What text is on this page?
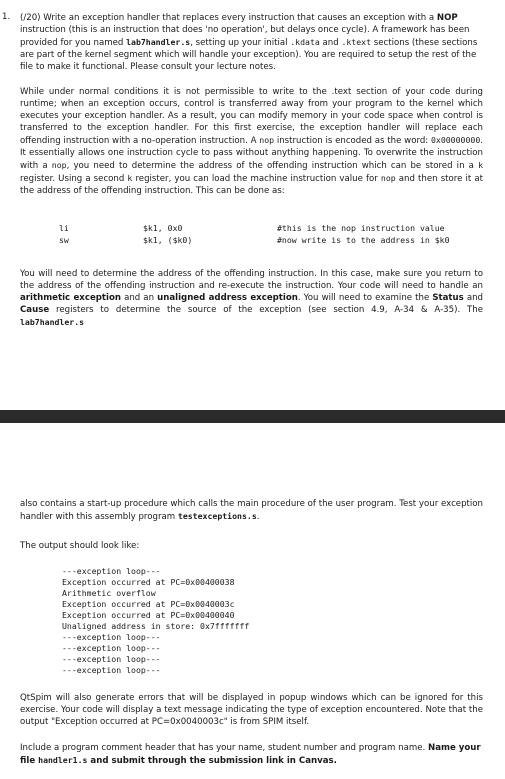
1. (/20) Write an exception handler that replaces every instruction that causes an exception with a NOP instruction (this is an instruction that does 'no operation', but delays once cycle). A framework has been provided for you named lab7handler.s, setting up your initial .kdata and .ktext sections (these sections are part of the kernel segment which will handle your exception). You are required to setup the rest of the file to make it functional. Please consult your lecture notes.

While under normal conditions it is not permissible to write to the .text section of your code during runtime; when an exception occurs, control is transferred away from your program to the kernel which executes your exception handler. As a result, you can modify memory in your code space when control is transferred to the exception handler. For this first exercise, the exception handler will replace each offending instruction with a no-operation instruction. A nop instruction is encoded as the word: 0x00000000. It essentially allows one instruction cycle to pass without anything happening. To overwrite the instruction with a nop, you need to determine the address of the offending instruction which can be stored in a k register. Using a second k register, you can load the machine instruction value for nop and then store it at the address of the offending instruction. This can be done as:

li	$k1, 0x0	#this is the nop instruction value
sw	$k1, ($k0)	#now write is to the address in $k0

You will need to determine the address of the offending instruction. In this case, make sure you return to the address of the offending instruction and re-execute the instruction. Your code will need to handle an arithmetic exception and an unaligned address exception. You will need to examine the Status and Cause registers to determine the source of the exception (see section 4.9, A-34 & A-35). The lab7handler.s

also contains a start-up procedure which calls the main procedure of the user program. Test your exception handler with this assembly program testexceptions.s.

The output should look like:
---exception loop---
Exception occurred at PC=0x00400038
Arithmetic overflow
Exception occurred at PC=0x0040003c
Exception occurred at PC=0x00400040
Unaligned address in store: 0x7fffffff
---exception loop---
---exception loop---
---exception loop---
---exception loop---
QtSpim will also generate errors that will be displayed in popup windows which can be ignored for this exercise. Your code will display a text message indicating the type of exception encountered. Note that the output "Exception occurred at PC=0x0040003c" is from SPIM itself.

Include a program comment header that has your name, student number and program name. Name your file handler1.s and submit through the submission link in Canvas.
